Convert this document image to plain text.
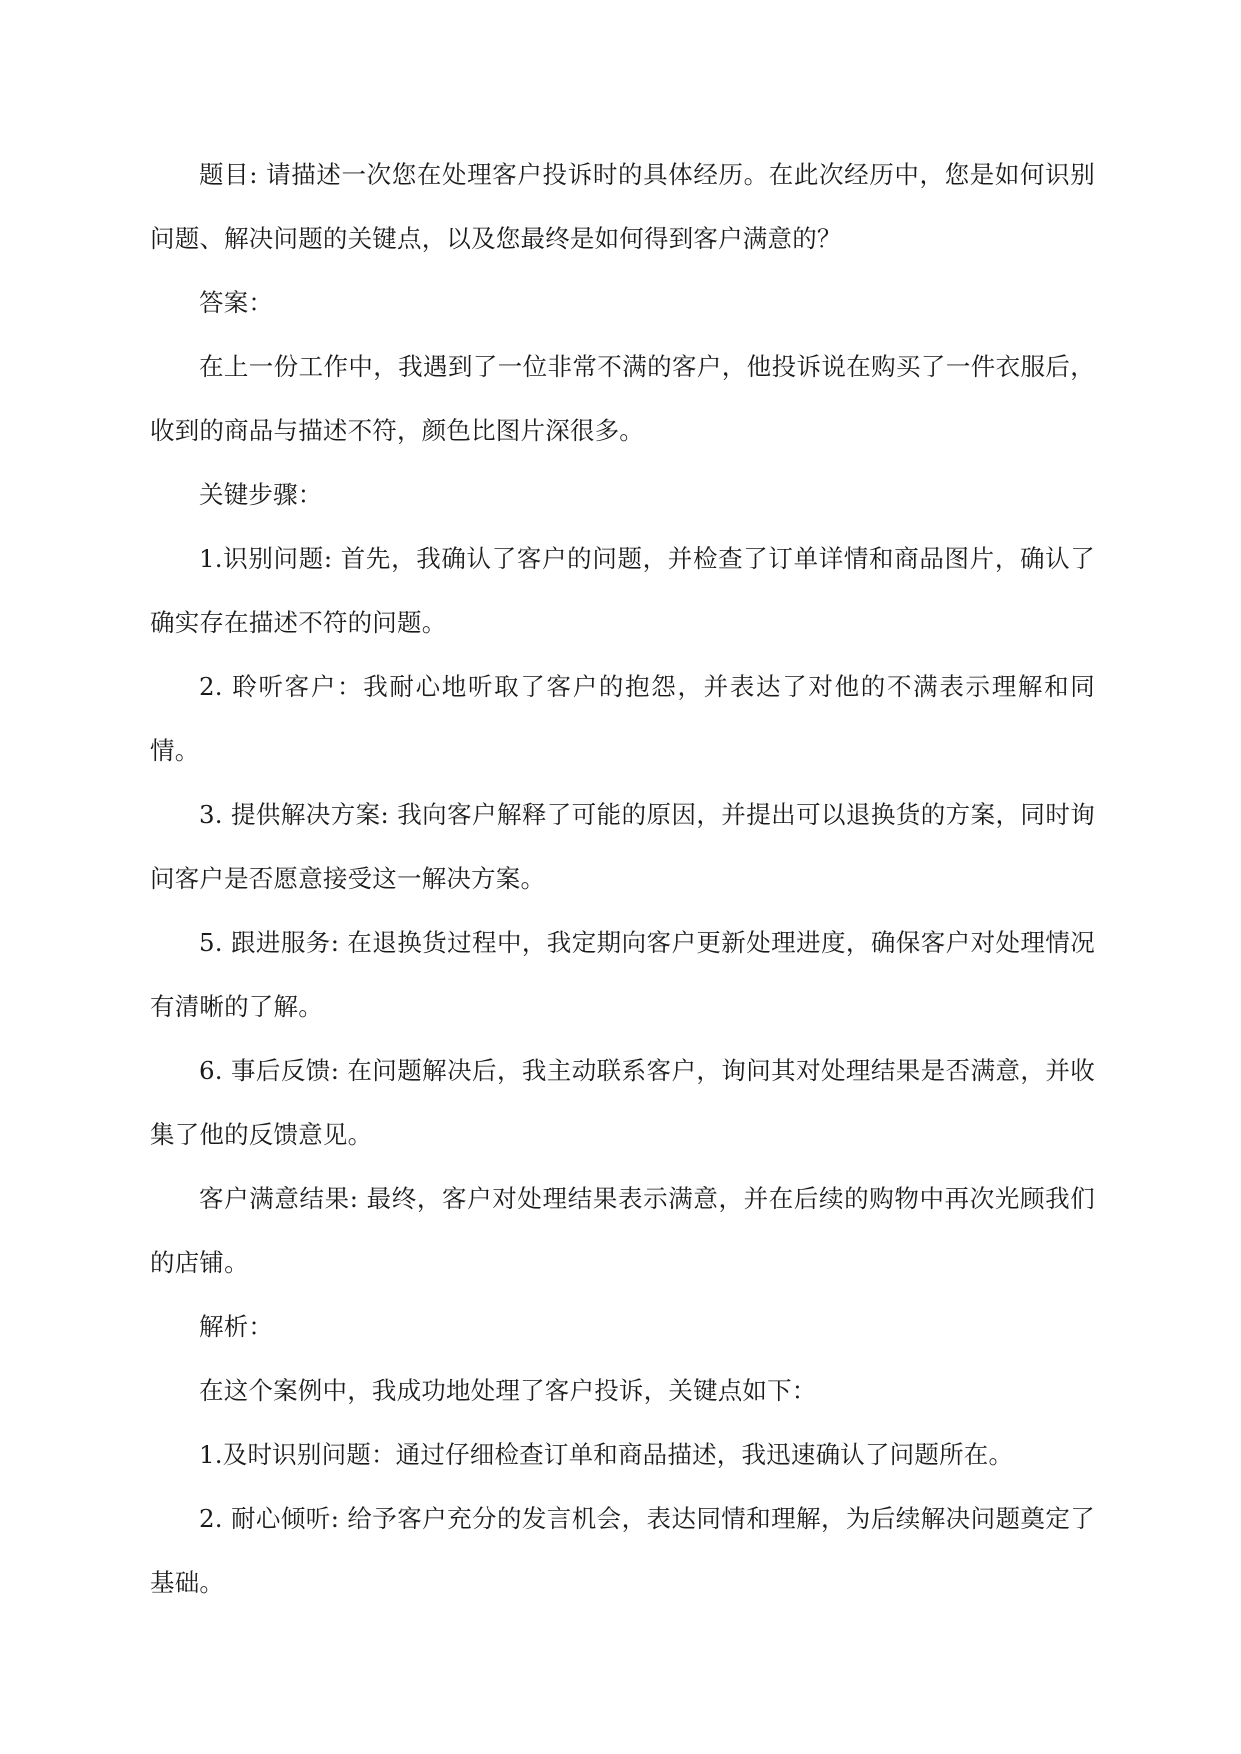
题目: 请描述一次您在处理客户投诉时的具体经历。在此次经历中，您是如何识别问题、解决问题的关键点，以及您最终是如何得到客户满意的？

答案：

在上一份工作中，我遇到了一位非常不满的客户，他投诉说在购买了一件衣服后，收到的商品与描述不符，颜色比图片深很多。

关键步骤：

1.识别问题: 首先，我确认了客户的问题，并检查了订单详情和商品图片，确认了确实存在描述不符的问题。

2. 聆听客户：我耐心地听取了客户的抱怨，并表达了对他的不满表示理解和同情。

3. 提供解决方案: 我向客户解释了可能的原因，并提出可以退换货的方案，同时询问客户是否愿意接受这一解决方案。

5. 跟进服务: 在退换货过程中，我定期向客户更新处理进度，确保客户对处理情况有清晰的了解。

6. 事后反馈: 在问题解决后，我主动联系客户，询问其对处理结果是否满意，并收集了他的反馈意见。

客户满意结果: 最终，客户对处理结果表示满意，并在后续的购物中再次光顾我们的店铺。

解析：

在这个案例中，我成功地处理了客户投诉，关键点如下：

1.及时识别问题：通过仔细检查订单和商品描述，我迅速确认了问题所在。

2. 耐心倾听: 给予客户充分的发言机会，表达同情和理解，为后续解决问题奠定了基础。
